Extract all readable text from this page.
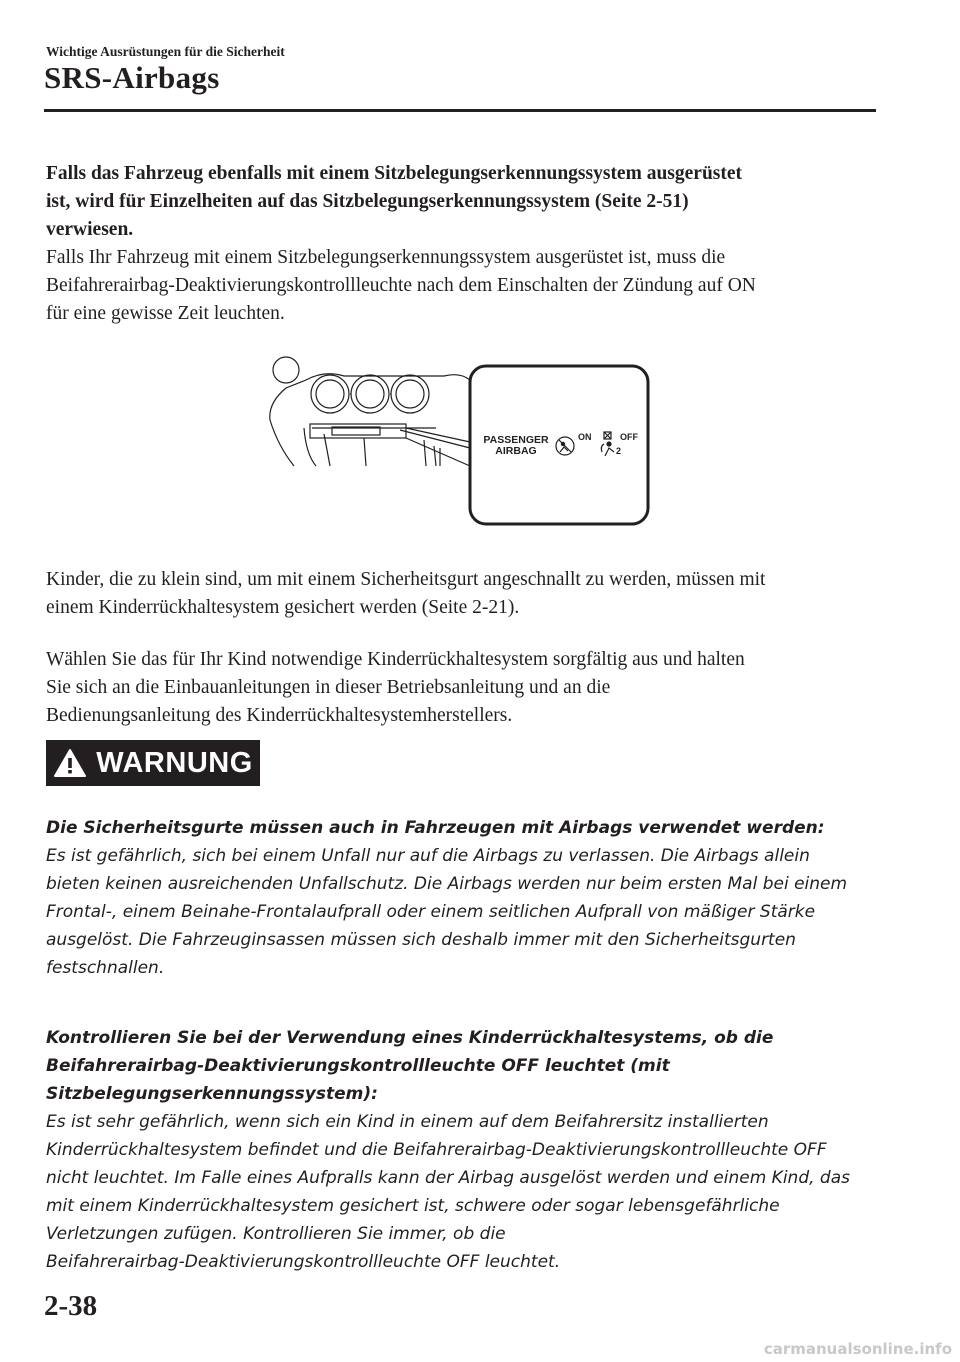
Wichtige Ausrüstungen für die Sicherheit
SRS-Airbags

Falls das Fahrzeug ebenfalls mit einem Sitzbelegungserkennungssystem ausgerüstet

ist, wird für Einzelheiten auf das Sitzbelegungserkennungssystem (Seite 2-51)

verwiesen.

Falls Ihr Fahrzeug mit einem Sitzbelegungserkennungssystem ausgerüstet ist, muss die

Beifahrerairbag-Deaktivierungskontrollleuchte nach dem Einschalten der Zündung auf ON

für eine gewisse Zeit leuchten.

PASSENGER
AIRBAG
ON	OFF
2

Kinder, die zu klein sind, um mit einem Sicherheitsgurt angeschnallt zu werden, müssen mit

einem Kinderrückhaltesystem gesichert werden (Seite 2-21).

Wählen Sie das für Ihr Kind notwendige Kinderrückhaltesystem sorgfältig aus und halten

Sie sich an die Einbauanleitungen in dieser Betriebsanleitung und an die

Bedienungsanleitung des Kinderrückhaltesystemherstellers.

WARNUNG

Die Sicherheitsgurte müssen auch in Fahrzeugen mit Airbags verwendet werden:

Es ist gefährlich, sich bei einem Unfall nur auf die Airbags zu verlassen. Die Airbags allein

bieten keinen ausreichenden Unfallschutz. Die Airbags werden nur beim ersten Mal bei einem

Frontal-, einem Beinahe-Frontalaufprall oder einem seitlichen Aufprall von mäßiger Stärke

ausgelöst. Die Fahrzeuginsassen müssen sich deshalb immer mit den Sicherheitsgurten

festschnallen.

Kontrollieren Sie bei der Verwendung eines Kinderrückhaltesystems, ob die

Beifahrerairbag-Deaktivierungskontrollleuchte OFF leuchtet (mit

Sitzbelegungserkennungssystem):

Es ist sehr gefährlich, wenn sich ein Kind in einem auf dem Beifahrersitz installierten

Kinderrückhaltesystem befindet und die Beifahrerairbag-Deaktivierungskontrollleuchte OFF

nicht leuchtet. Im Falle eines Aufpralls kann der Airbag ausgelöst werden und einem Kind, das

mit einem Kinderrückhaltesystem gesichert ist, schwere oder sogar lebensgefährliche

Verletzungen zufügen. Kontrollieren Sie immer, ob die

Beifahrerairbag-Deaktivierungskontrollleuchte OFF leuchtet.

2-38
carmanualsonline.info
